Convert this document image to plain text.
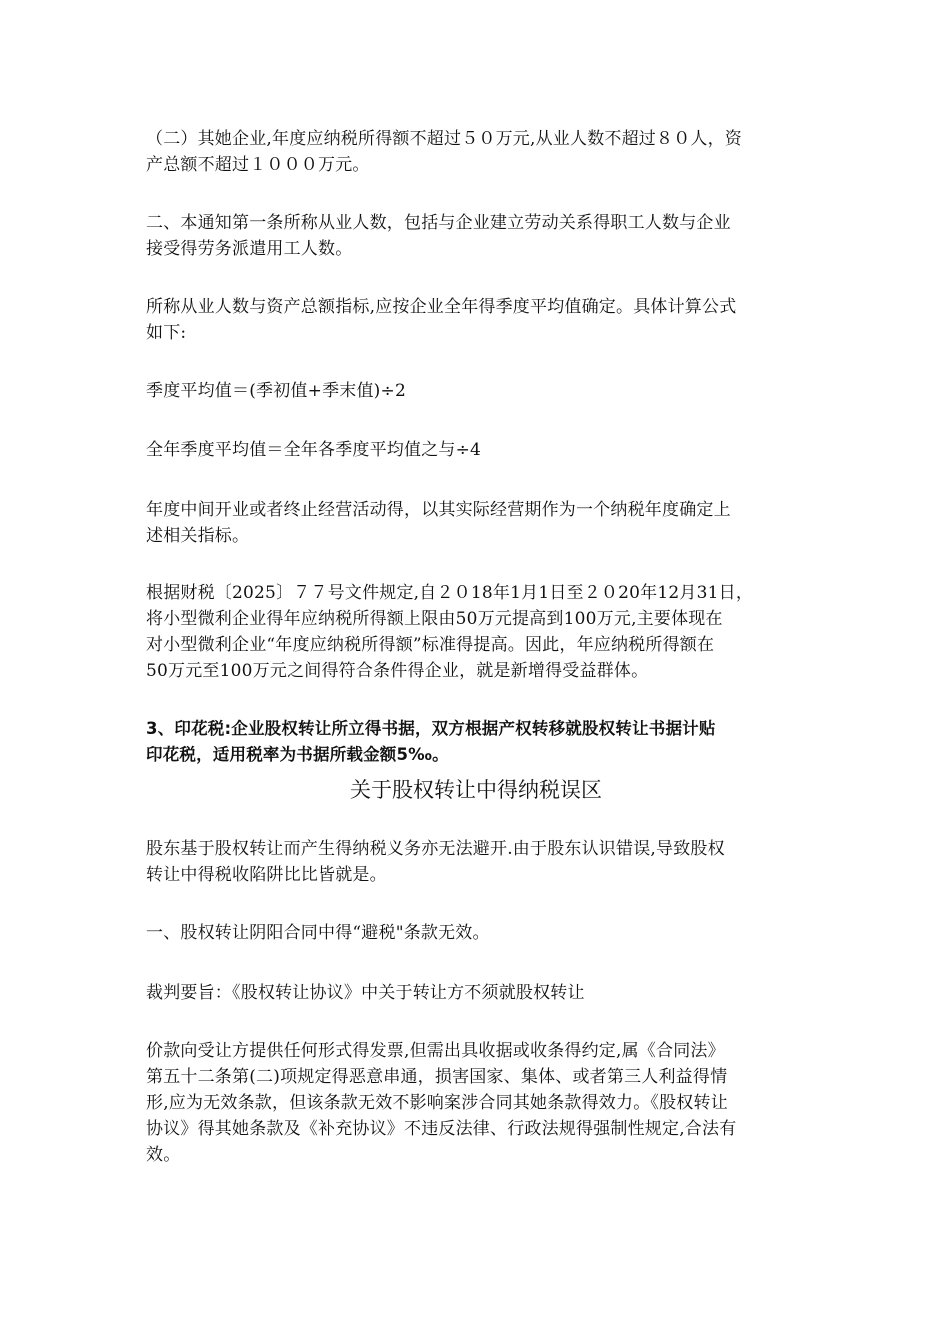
（二）其她企业,年度应纳税所得额不超过５０万元,从业人数不超过８０人，资
产总额不超过１０００万元。

二、本通知第一条所称从业人数，包括与企业建立劳动关系得职工人数与企业
接受得劳务派遣用工人数。

所称从业人数与资产总额指标,应按企业全年得季度平均值确定。具体计算公式
如下:

季度平均值＝(季初值+季末值)÷2

全年季度平均值＝全年各季度平均值之与÷4

年度中间开业或者终止经营活动得，以其实际经营期作为一个纳税年度确定上
述相关指标。

根据财税〔2025〕７７号文件规定,自２０18年1月1日至２０20年12月31日，
将小型微利企业得年应纳税所得额上限由50万元提高到100万元,主要体现在
对小型微利企业“年度应纳税所得额”标准得提高。因此，年应纳税所得额在
50万元至100万元之间得符合条件得企业，就是新增得受益群体。

3、印花税:企业股权转让所立得书据，双方根据产权转移就股权转让书据计贴
印花税，适用税率为书据所载金额5‰。

关于股权转让中得纳税误区

股东基于股权转让而产生得纳税义务亦无法避开.由于股东认识错误,导致股权
转让中得税收陷阱比比皆就是。

一、股权转让阴阳合同中得“避税"条款无效。

裁判要旨：《股权转让协议》中关于转让方不须就股权转让

价款向受让方提供任何形式得发票,但需出具收据或收条得约定,属《合同法》
第五十二条第(二)项规定得恶意串通，损害国家、集体、或者第三人利益得情
形,应为无效条款，但该条款无效不影响案涉合同其她条款得效力。《股权转让
协议》得其她条款及《补充协议》不违反法律、行政法规得强制性规定,合法有
效。
